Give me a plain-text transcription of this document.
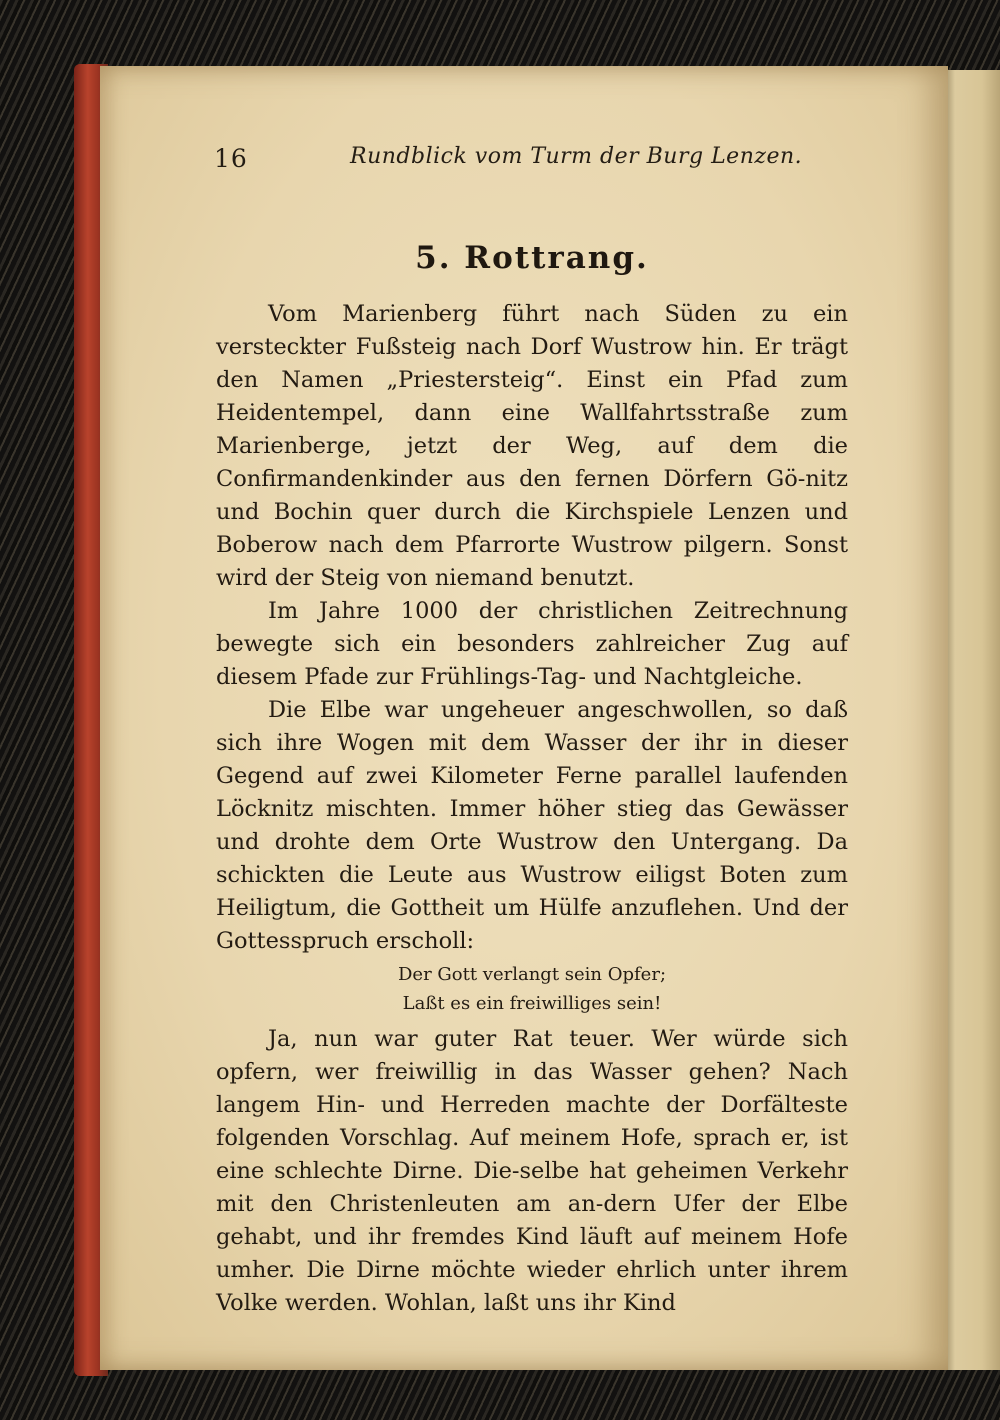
16	Rundblick vom Turm der Burg Lenzen.
5. Rottrang.

Vom Marienberg führt nach Süden zu ein versteckter Fußsteig nach Dorf Wustrow hin. Er trägt den Namen „Priestersteig“. Einst ein Pfad zum Heidentempel, dann eine Wallfahrtsstraße zum Marienberge, jetzt der Weg, auf dem die Confirmandenkinder aus den fernen Dörfern Gö-nitz und Bochin quer durch die Kirchspiele Lenzen und Boberow nach dem Pfarrorte Wustrow pilgern. Sonst wird der Steig von niemand benutzt.

Im Jahre 1000 der christlichen Zeitrechnung bewegte sich ein besonders zahlreicher Zug auf diesem Pfade zur Frühlings-Tag- und Nachtgleiche.

Die Elbe war ungeheuer angeschwollen, so daß sich ihre Wogen mit dem Wasser der ihr in dieser Gegend auf zwei Kilometer Ferne parallel laufenden Löcknitz mischten. Immer höher stieg das Gewässer und drohte dem Orte Wustrow den Untergang. Da schickten die Leute aus Wustrow eiligst Boten zum Heiligtum, die Gottheit um Hülfe anzuflehen. Und der Gottesspruch erscholl:

Der Gott verlangt sein Opfer;
Laßt es ein freiwilliges sein!

Ja, nun war guter Rat teuer. Wer würde sich opfern, wer freiwillig in das Wasser gehen? Nach langem Hin- und Herreden machte der Dorfälteste folgenden Vorschlag. Auf meinem Hofe, sprach er, ist eine schlechte Dirne. Die-selbe hat geheimen Verkehr mit den Christenleuten am an-dern Ufer der Elbe gehabt, und ihr fremdes Kind läuft auf meinem Hofe umher. Die Dirne möchte wieder ehrlich unter ihrem Volke werden. Wohlan, laßt uns ihr Kind
